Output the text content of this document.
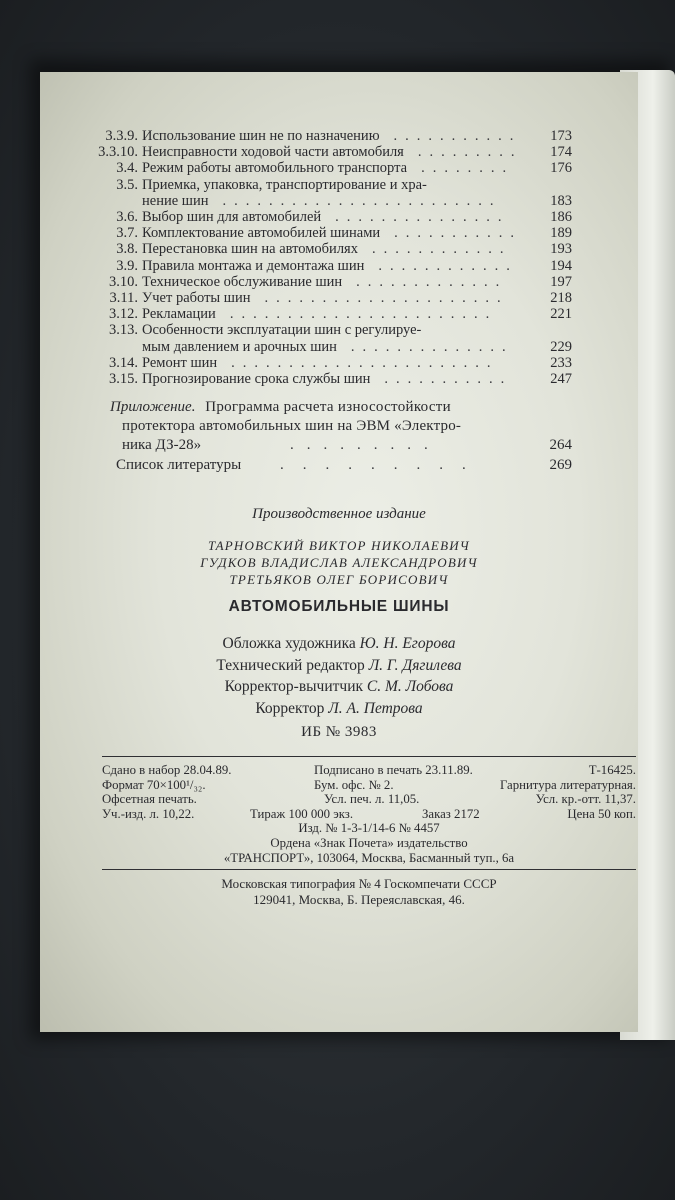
3.3.9. Использование шин не по назначению	173
...........
3.3.10. Неисправности ходовой части автомобиля	174
.........
3.4. Режим работы автомобильного транспорта	176
........
3.5. Приемка, упаковка, транспортирование и хра-
нение шин	183
........................
3.6. Выбор шин для автомобилей	186
...............
3.7. Комплектование автомобилей шинами	189
...........
3.8. Перестановка шин на автомобилях	193
............
3.9. Правила монтажа и демонтажа шин	194
............
3.10. Техническое обслуживание шин	197
.............
3.11. Учет работы шин	218
.....................
3.12. Рекламации	221
.......................
3.13. Особенности эксплуатации шин с регулируе-
мым давлением и арочных шин	229
..............
3.14. Ремонт шин	233
.......................
3.15. Прогнозирование срока службы шин	247
...........
Приложение. Программа расчета износостойкости
протектора автомобильных шин на ЭВМ «Электро-
ника ДЗ-28»	.........	264
Список литературы	.........	269
Производственное издание
ТАРНОВСКИЙ ВИКТОР НИКОЛАЕВИЧ
ГУДКОВ ВЛАДИСЛАВ АЛЕКСАНДРОВИЧ
ТРЕТЬЯКОВ ОЛЕГ БОРИСОВИЧ
АВТОМОБИЛЬНЫЕ ШИНЫ
Обложка художника Ю. Н. Егорова
Технический редактор Л. Г. Дягилева
Корректор-вычитчик С. М. Лобова
Корректор Л. А. Петрова
ИБ № 3983
Сдано в набор 28.04.89.	Подписано в печать 23.11.89.	Т-16425.
Формат 70×100¹/₃₂.	Бум. офс. № 2.	Гарнитура литературная.
Офсетная печать.	Усл. печ. л. 11,05.	Усл. кр.-отт. 11,37.
Уч.-изд. л. 10,22.	Тираж 100 000 экз.	Заказ 2172	Цена 50 коп.
Изд. № 1-3-1/14-6 № 4457
Ордена «Знак Почета» издательство
«ТРАНСПОРТ», 103064, Москва, Басманный туп., 6а
Московская типография № 4 Госкомпечати СССР
129041, Москва, Б. Переяславская, 46.
